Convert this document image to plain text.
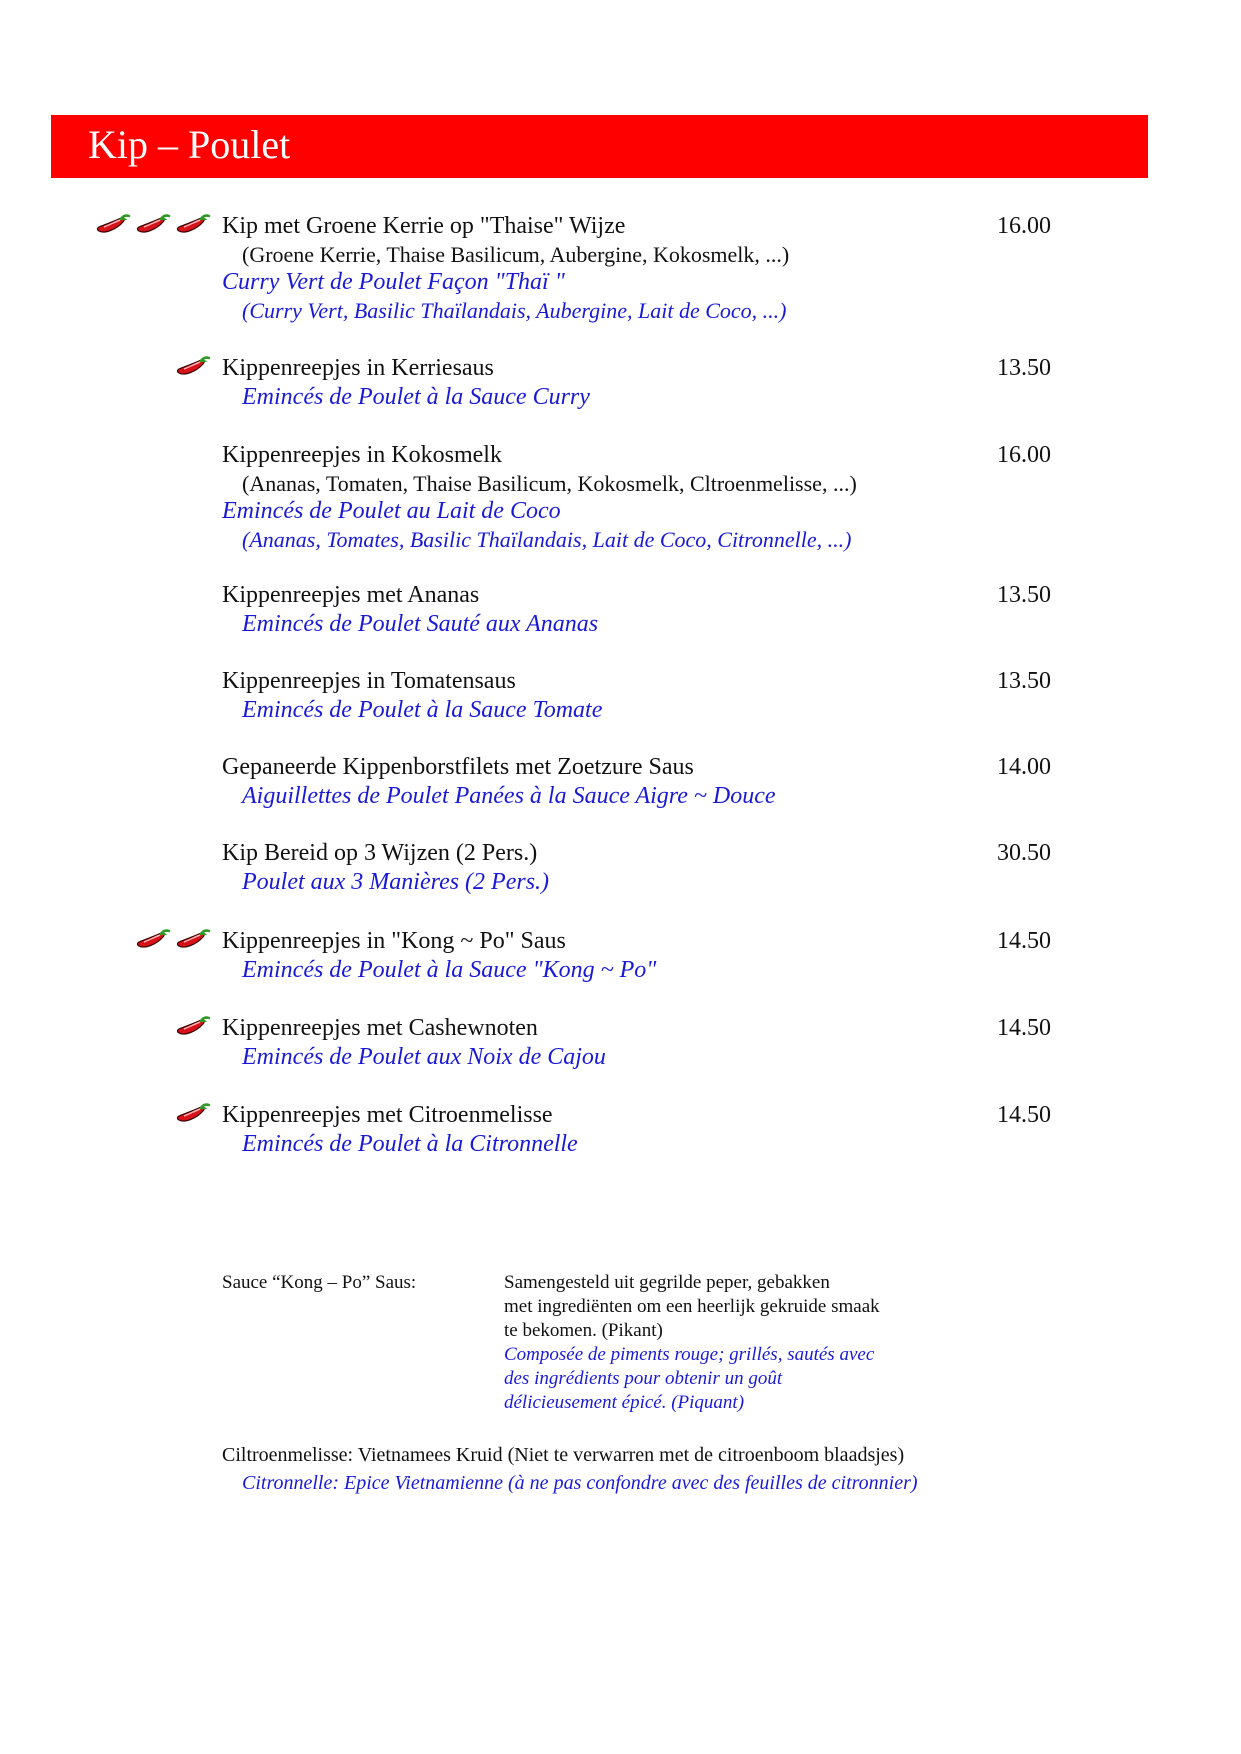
Kip – Poulet
Kip met Groene Kerrie op "Thaise" Wijze
(Groene Kerrie, Thaise Basilicum, Aubergine, Kokosmelk, ...)
Curry Vert de Poulet Façon "Thaï "
(Curry Vert, Basilic Thaïlandais, Aubergine, Lait de Coco, ...)
16.00
Kippenreepjes in Kerriesaus
Emincés de Poulet à la Sauce Curry
13.50
Kippenreepjes in Kokosmelk
(Ananas, Tomaten, Thaise Basilicum, Kokosmelk, Cltroenmelisse, ...)
Emincés de Poulet au Lait de Coco
(Ananas, Tomates, Basilic Thaïlandais, Lait de Coco, Citronnelle, ...)
16.00
Kippenreepjes met Ananas
Emincés de Poulet Sauté aux Ananas
13.50
Kippenreepjes in Tomatensaus
Emincés de Poulet à la Sauce Tomate
13.50
Gepaneerde Kippenborstfilets met Zoetzure Saus
Aiguillettes de Poulet Panées à la Sauce Aigre ~ Douce
14.00
Kip Bereid op 3 Wijzen (2 Pers.)
Poulet aux 3 Manières (2 Pers.)
30.50
Kippenreepjes in "Kong ~ Po" Saus
Emincés de Poulet à la Sauce "Kong ~ Po"
14.50
Kippenreepjes met Cashewnoten
Emincés de Poulet aux Noix de Cajou
14.50
Kippenreepjes met Citroenmelisse
Emincés de Poulet à la Citronnelle
14.50
Sauce “Kong – Po” Saus:	Samengesteld uit gegrilde peper, gebakken
met ingrediënten om een heerlijk gekruide smaak
te bekomen. (Pikant)
Composée de piments rouge; grillés, sautés avec
des ingrédients pour obtenir un goût
délicieusement épicé. (Piquant)
Ciltroenmelisse: Vietnamees Kruid (Niet te verwarren met de citroenboom blaadsjes)
Citronnelle: Epice Vietnamienne (à ne pas confondre avec des feuilles de citronnier)
